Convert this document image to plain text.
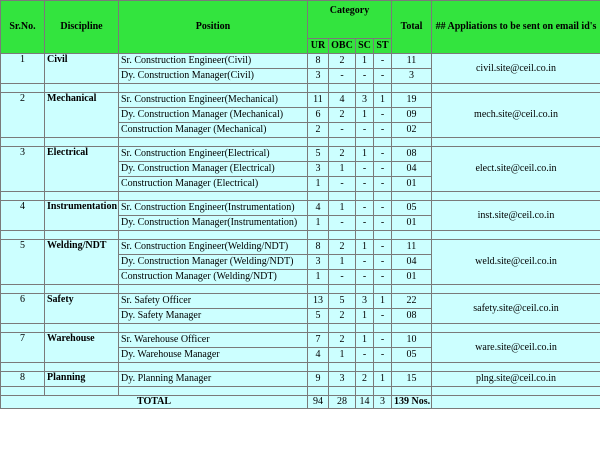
Sr.No.	Discipline	Position	Category				Total	## Appliations to be sent on email id's
			UR	OBC	SC	ST		
1	Civil	Sr. Construction Engineer(Civil)	8	2	1	-	11	civil.site@ceil.co.in
		Dy. Construction Manager(Civil)	3	-	-	-	3	

2	Mechanical	Sr. Construction Engineer(Mechanical)	11	4	3	1	19	mech.site@ceil.co.in
		Dy. Construction Manager (Mechanical)	6	2	1	-	09	
		Construction Manager (Mechanical)	2	-	-	-	02	

3	Electrical	Sr. Construction Engineer(Electrical)	5	2	1	-	08	elect.site@ceil.co.in
		Dy. Construction Manager (Electrical)	3	1	-	-	04	
		Construction Manager (Electrical)	1	-	-	-	01	

4	Instrumentation	Sr. Construction Engineer(Instrumentation)	4	1	-	-	05	inst.site@ceil.co.in
		Dy. Construction Manager(Instrumentation)	1	-	-	-	01	

5	Welding/NDT	Sr. Construction Engineer(Welding/NDT)	8	2	1	-	11	weld.site@ceil.co.in
		Dy. Construction Manager (Welding/NDT)	3	1	-	-	04	
		Construction Manager (Welding/NDT)	1	-	-	-	01	

6	Safety	Sr. Safety Officer	13	5	3	1	22	safety.site@ceil.co.in
		Dy. Safety Manager	5	2	1	-	08	

7	Warehouse	Sr. Warehouse Officer	7	2	1	-	10	ware.site@ceil.co.in
		Dy. Warehouse Manager	4	1	-	-	05	

8	Planning	Dy. Planning Manager	9	3	2	1	15	plng.site@ceil.co.in

TOTAL			94	28	14	3	139 Nos.	
